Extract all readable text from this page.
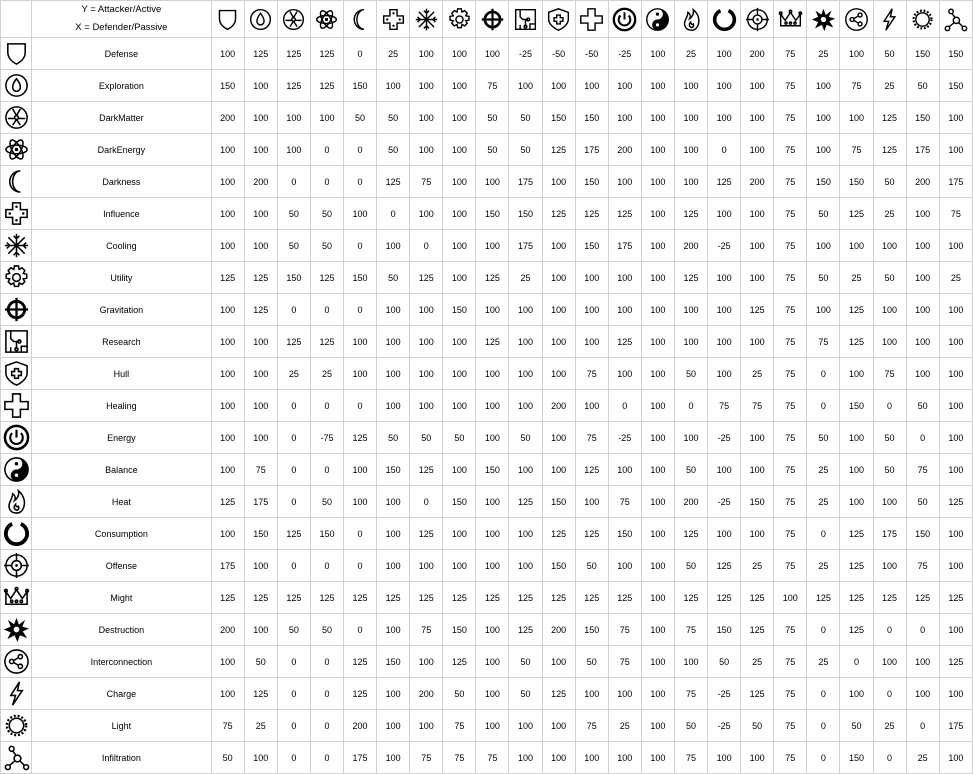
	Y = Attacker/Active
X = Defender/Passive

	Defense	100	125	125	125	0	25	100	100	100	-25	-50	-50	-25	100	25	100	200	75	25	100	50	150	150

	Exploration	150	100	125	125	150	100	100	100	75	100	100	100	100	100	100	100	100	75	100	75	25	50	150

	DarkMatter	200	100	100	100	50	50	100	100	50	50	150	150	100	100	100	100	100	75	100	100	125	150	100

	DarkEnergy	100	100	100	0	0	50	100	100	50	50	125	175	200	100	100	0	100	75	100	75	125	175	100

	Darkness	100	200	0	0	0	125	75	100	100	175	100	150	100	100	100	125	200	75	150	150	50	200	175

	Influence	100	100	50	50	100	0	100	100	150	150	125	125	125	100	125	100	100	75	50	125	25	100	75

	Cooling	100	100	50	50	0	100	0	100	100	175	100	150	175	100	200	-25	100	75	100	100	100	100	100

	Utility	125	125	150	125	150	50	125	100	125	25	100	100	100	100	125	100	100	75	50	25	50	100	25

	Gravitation	100	125	0	0	0	100	100	150	100	100	100	100	100	100	100	100	125	75	100	125	100	100	100

	Research	100	100	125	125	100	100	100	100	125	100	100	100	125	100	100	100	100	75	75	125	100	100	100

	Hull	100	100	25	25	100	100	100	100	100	100	100	75	100	100	50	100	25	75	0	100	75	100	100

	Healing	100	100	0	0	0	100	100	100	100	100	200	100	0	100	0	75	75	75	0	150	0	50	100

	Energy	100	100	0	-75	125	50	50	50	100	50	100	75	-25	100	100	-25	100	75	50	100	50	0	100

	Balance	100	75	0	0	100	150	125	100	150	100	100	125	100	100	50	100	100	75	25	100	50	75	100

	Heat	125	175	0	50	100	100	0	150	100	125	150	100	75	100	200	-25	150	75	25	100	100	50	125

	Consumption	100	150	125	150	0	100	125	100	100	100	125	125	150	100	125	100	100	75	0	125	175	150	100

	Offense	175	100	0	0	0	100	100	100	100	100	150	50	100	100	50	125	25	75	25	125	100	75	100

	Might	125	125	125	125	125	125	125	125	125	125	125	125	125	100	125	125	125	100	125	125	125	125	125

	Destruction	200	100	50	50	0	100	75	150	100	125	200	150	75	100	75	150	125	75	0	125	0	0	100

	Interconnection	100	50	0	0	125	150	100	125	100	50	100	50	75	100	100	50	25	75	25	0	100	100	125

	Charge	100	125	0	0	125	100	200	50	100	50	125	100	100	100	75	-25	125	75	0	100	0	100	100

	Light	75	25	0	0	200	100	100	75	100	100	100	75	25	100	50	-25	50	75	0	50	25	0	175

	Infiltration	50	100	0	0	175	100	75	75	75	100	100	100	100	100	75	100	100	75	0	150	0	25	100
